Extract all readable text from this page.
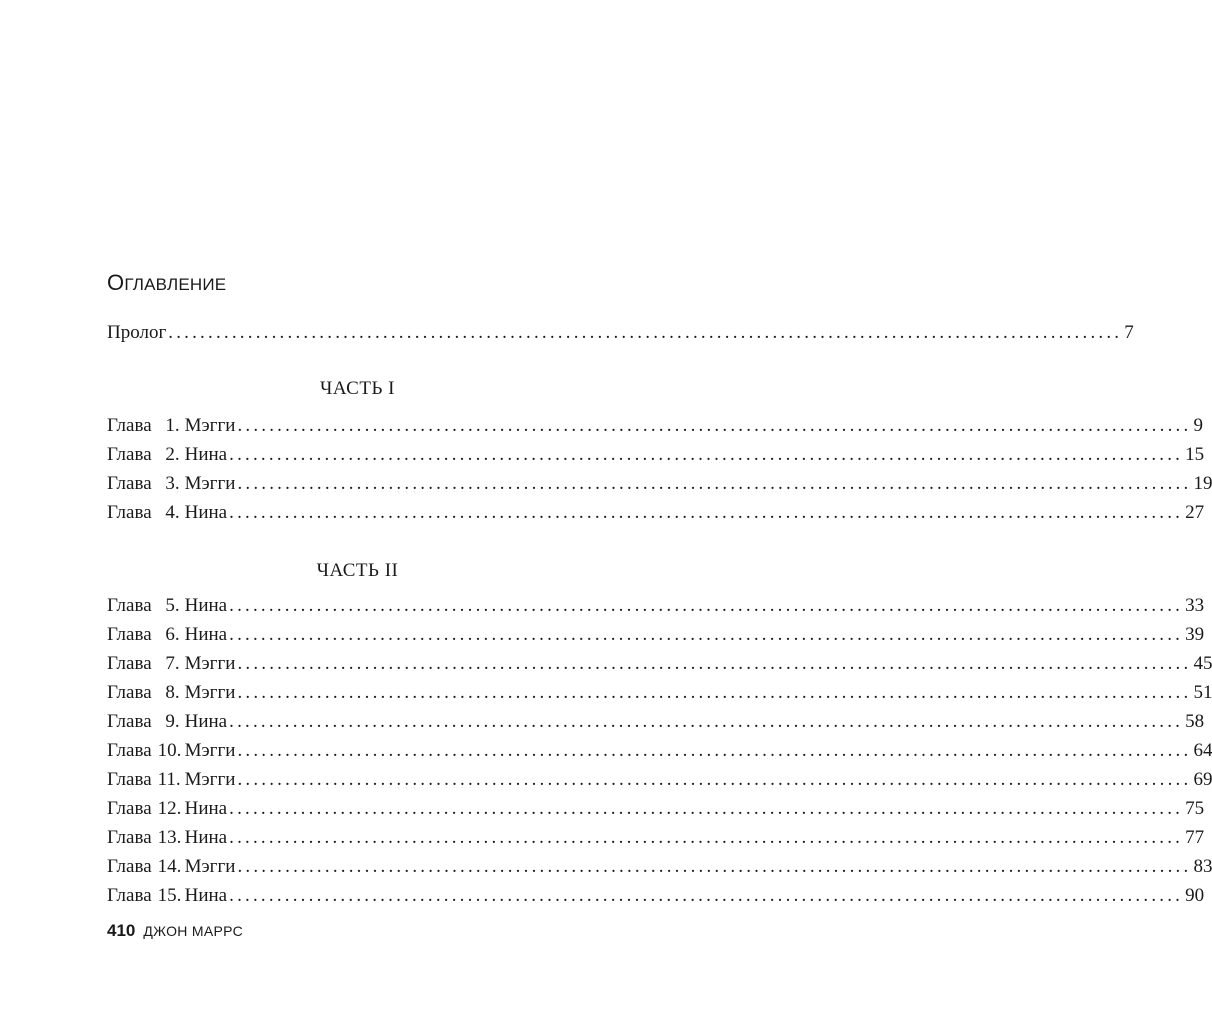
ОГЛАВЛЕНИЕ
Пролог ........................................................................................................................ 7
ЧАСТЬ I
Глава 1. Мэгги ........................................................................................................................ 9
Глава 2. Нина ........................................................................................................................ 15
Глава 3. Мэгги ........................................................................................................................ 19
Глава 4. Нина ........................................................................................................................ 27
ЧАСТЬ II
Глава 5. Нина ........................................................................................................................ 33
Глава 6. Нина ........................................................................................................................ 39
Глава 7. Мэгги ........................................................................................................................ 45
Глава 8. Мэгги ........................................................................................................................ 51
Глава 9. Нина ........................................................................................................................ 58
Глава 10. Мэгги ........................................................................................................................ 64
Глава 11. Мэгги ........................................................................................................................ 69
Глава 12. Нина ........................................................................................................................ 75
Глава 13. Нина ........................................................................................................................ 77
Глава 14. Мэгги ........................................................................................................................ 83
Глава 15. Нина ........................................................................................................................ 90
410 ДЖОН МАРРС
